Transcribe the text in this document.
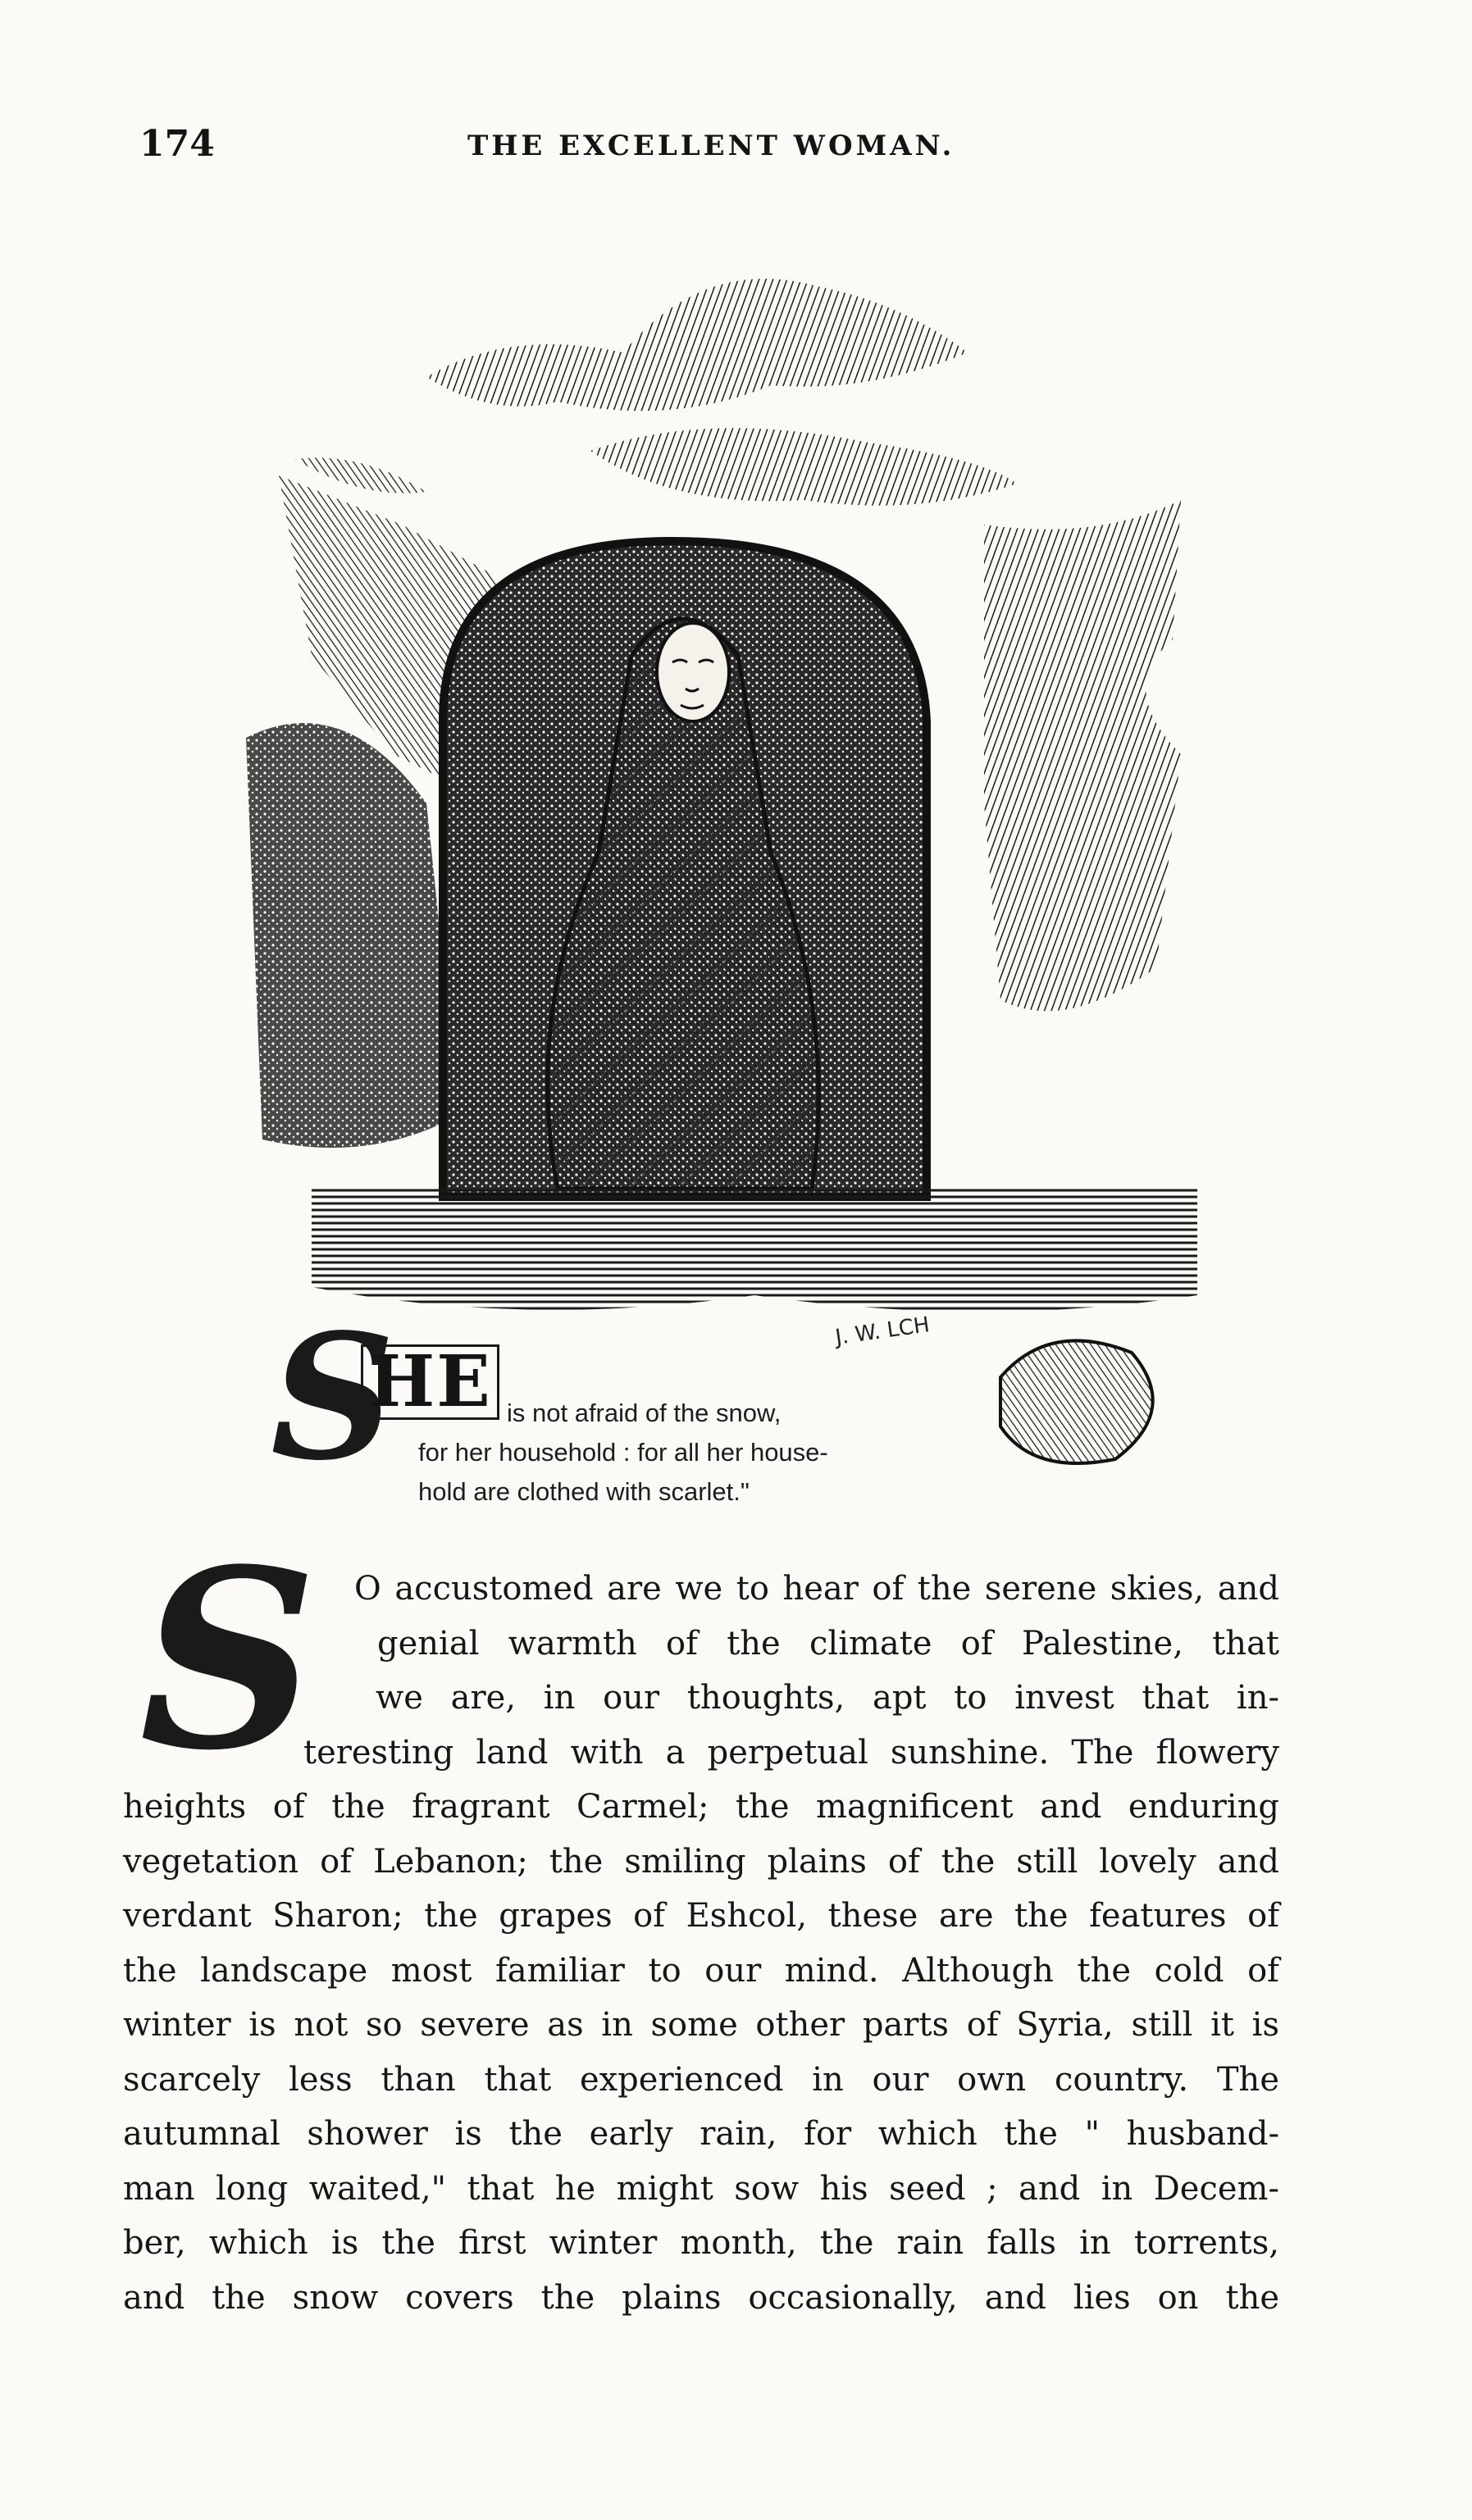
174	THE EXCELLENT WOMAN.
J. W. LCH
S
HE is not afraid of the snow,
for her household : for all her house-
hold are clothed with scarlet."
S	O accustomed are we to hear of the serene skies, and
genial warmth of the climate of Palestine, that
we are, in our thoughts, apt to invest that in-
teresting land with a perpetual sunshine. The flowery
heights of the fragrant Carmel; the magnificent and enduring
vegetation of Lebanon; the smiling plains of the still lovely and
verdant Sharon; the grapes of Eshcol, these are the features of
the landscape most familiar to our mind. Although the cold of
winter is not so severe as in some other parts of Syria, still it is
scarcely less than that experienced in our own country. The
autumnal shower is the early rain, for which the " husband-
man long waited," that he might sow his seed ; and in Decem-
ber, which is the first winter month, the rain falls in torrents,
and the snow covers the plains occasionally, and lies on the
